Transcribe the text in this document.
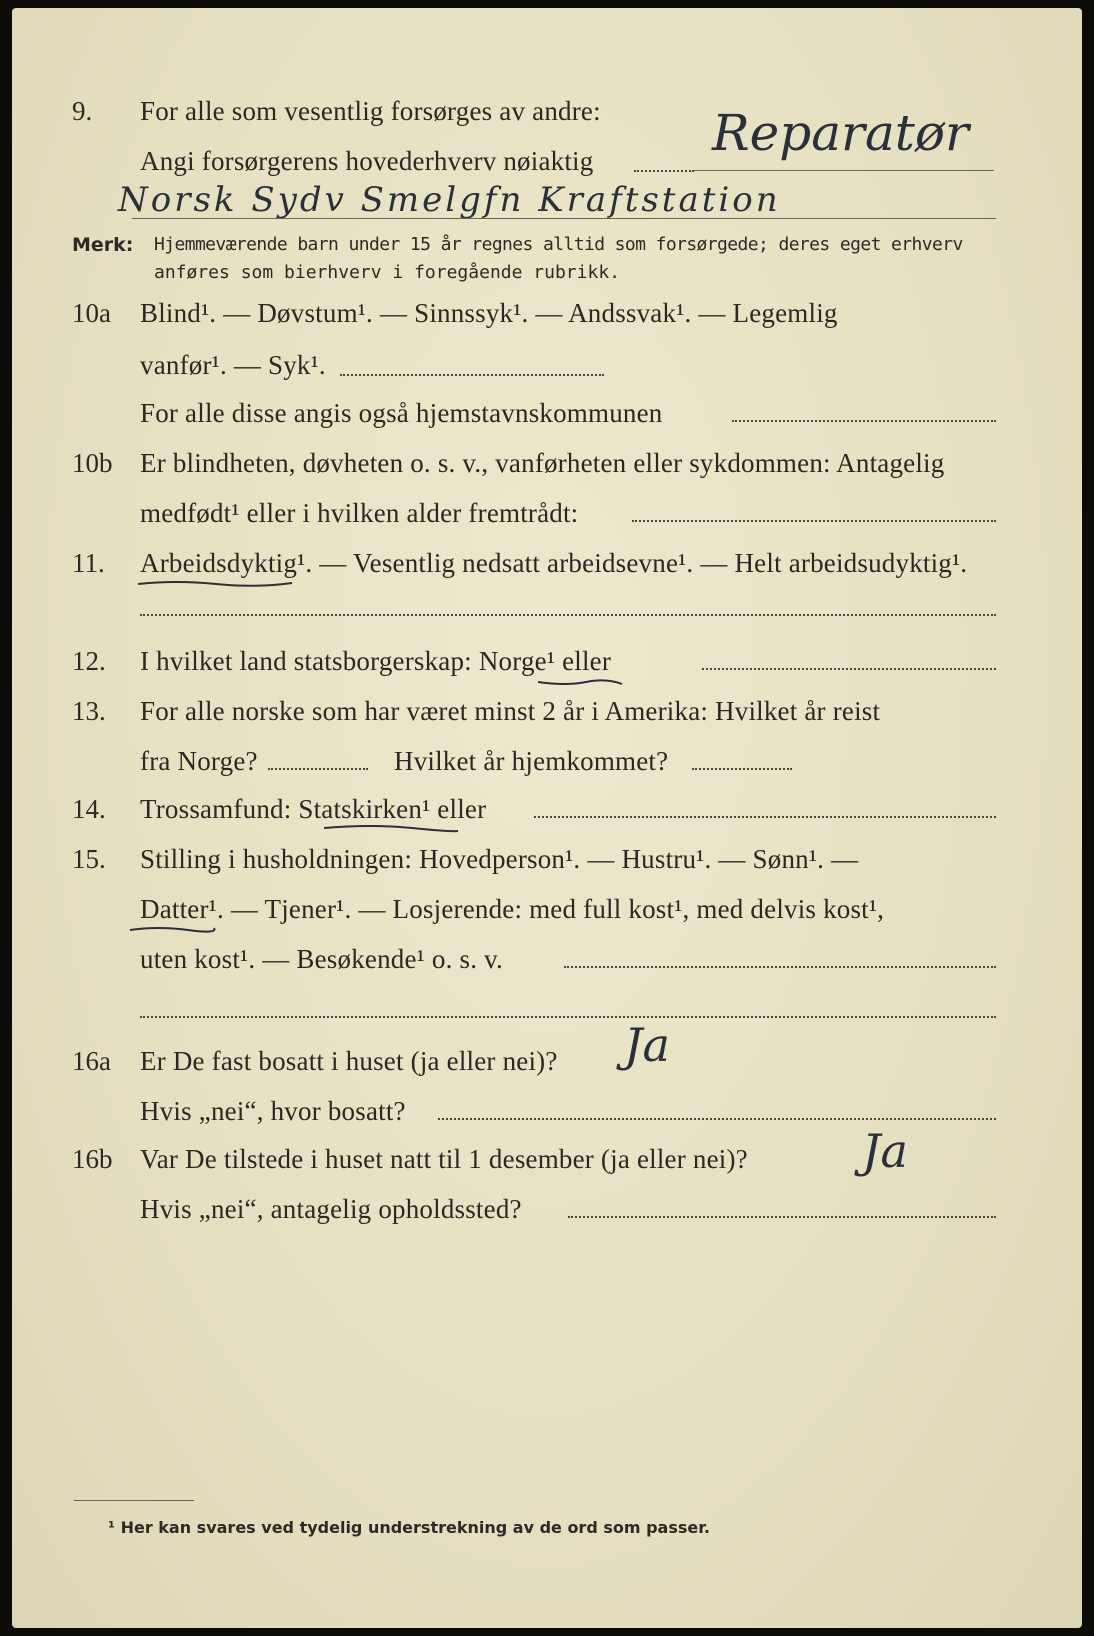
9. For alle som vesentlig forsørges av andre:
Angi forsørgerens hovederhverv nøiaktig Reparatør
Norsk Sydv Smelgfn Kraftstation
Merk: Hjemmeværende barn under 15 år regnes alltid som forsørgede; deres eget erhverv
anføres som bierhverv i foregående rubrikk.
10a Blind¹. — Døvstum¹. — Sinnssyk¹. — Andssvak¹. — Legemlig
vanfør¹. — Syk¹.
For alle disse angis også hjemstavnskommunen
10b Er blindheten, døvheten o. s. v., vanførheten eller sykdommen: Antagelig
medfødt¹ eller i hvilken alder fremtrådt:
11. Arbeidsdyktig¹. — Vesentlig nedsatt arbeidsevne¹. — Helt arbeidsudyktig¹.
12. I hvilket land statsborgerskap: Norge¹ eller
13. For alle norske som har været minst 2 år i Amerika: Hvilket år reist
fra Norge?	Hvilket år hjemkommet?
14. Trossamfund: Statskirken¹ eller
15. Stilling i husholdningen: Hovedperson¹. — Hustru¹. — Sønn¹. —
Datter¹. — Tjener¹. — Losjerende: med full kost¹, med delvis kost¹,
uten kost¹. — Besøkende¹ o. s. v.
16a Er De fast bosatt i huset (ja eller nei)? Ja
Hvis „nei“, hvor bosatt?
16b Var De tilstede i huset natt til 1 desember (ja eller nei)? Ja
Hvis „nei“, antagelig opholdssted?
¹ Her kan svares ved tydelig understrekning av de ord som passer.
